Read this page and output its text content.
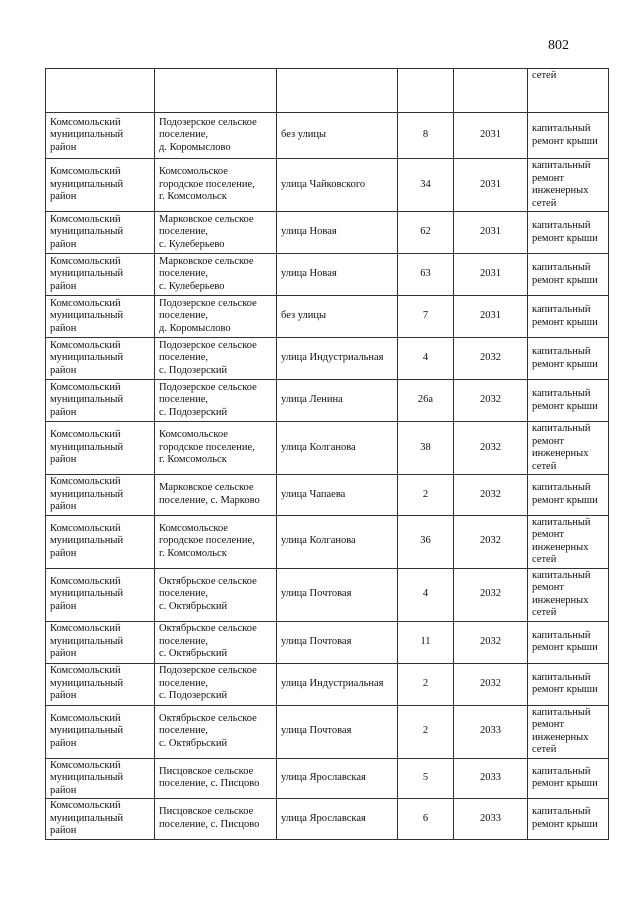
802

					сетей

Комсомольский
муниципальный
район	Подозерское сельское
поселение,
д. Коромыслово	без улицы	8	2031	капитальный
ремонт крыши

Комсомольский
муниципальный
район	Комсомольское
городское поселение,
г. Комсомольск	улица Чайковского	34	2031	капитальный
ремонт
инженерных
сетей

Комсомольский
муниципальный
район	Марковское сельское
поселение,
с. Кулеберьево	улица Новая	62	2031	капитальный
ремонт крыши

Комсомольский
муниципальный
район	Марковское сельское
поселение,
с. Кулеберьево	улица Новая	63	2031	капитальный
ремонт крыши

Комсомольский
муниципальный
район	Подозерское сельское
поселение,
д. Коромыслово	без улицы	7	2031	капитальный
ремонт крыши

Комсомольский
муниципальный
район	Подозерское сельское
поселение,
с. Подозерский	улица Индустриальная	4	2032	капитальный
ремонт крыши

Комсомольский
муниципальный
район	Подозерское сельское
поселение,
с. Подозерский	улица Ленина	26а	2032	капитальный
ремонт крыши

Комсомольский
муниципальный
район	Комсомольское
городское поселение,
г. Комсомольск	улица Колганова	38	2032	капитальный
ремонт
инженерных
сетей

Комсомольский
муниципальный
район	Марковское сельское
поселение, с. Марково	улица Чапаева	2	2032	капитальный
ремонт крыши

Комсомольский
муниципальный
район	Комсомольское
городское поселение,
г. Комсомольск	улица Колганова	36	2032	капитальный
ремонт
инженерных
сетей

Комсомольский
муниципальный
район	Октябрьское сельское
поселение,
с. Октябрьский	улица Почтовая	4	2032	капитальный
ремонт
инженерных
сетей

Комсомольский
муниципальный
район	Октябрьское сельское
поселение,
с. Октябрьский	улица Почтовая	11	2032	капитальный
ремонт крыши

Комсомольский
муниципальный
район	Подозерское сельское
поселение,
с. Подозерский	улица Индустриальная	2	2032	капитальный
ремонт крыши

Комсомольский
муниципальный
район	Октябрьское сельское
поселение,
с. Октябрьский	улица Почтовая	2	2033	капитальный
ремонт
инженерных
сетей

Комсомольский
муниципальный
район	Писцовское сельское
поселение, с. Писцово	улица Ярославская	5	2033	капитальный
ремонт крыши

Комсомольский
муниципальный
район	Писцовское сельское
поселение, с. Писцово	улица Ярославская	6	2033	капитальный
ремонт крыши
